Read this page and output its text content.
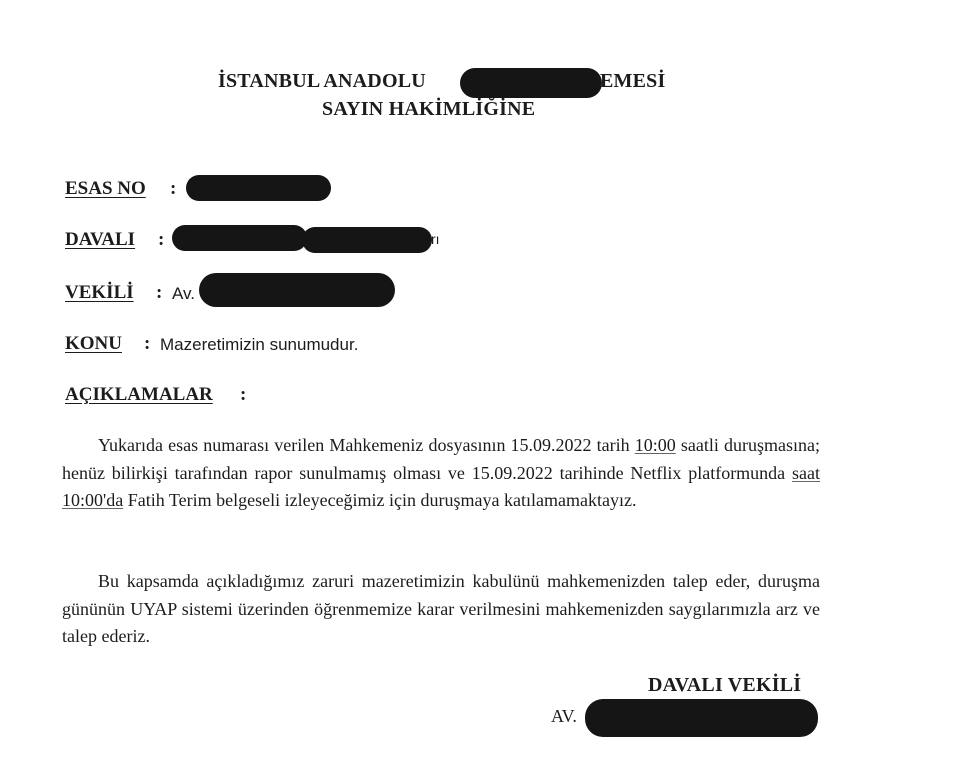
İSTANBUL ANADOLU	EMESİ
SAYIN HAKİMLİĞİNE
ESAS NO :
DAVALI :	rı
VEKİLİ : Av.
KONU : Mazeretimizin sunumudur.
AÇIKLAMALAR :

Yukarıda esas numarası verilen Mahkemeniz dosyasının 15.09.2022 tarih 10:00 saatli duruşmasına; henüz bilirkişi tarafından rapor sunulmamış olması ve 15.09.2022 tarihinde Netflix platformunda saat 10:00'da Fatih Terim belgeseli izleyeceğimiz için duruşmaya katılamamaktayız.

Bu kapsamda açıkladığımız zaruri mazeretimizin kabulünü mahkemenizden talep eder, duruşma gününün UYAP sistemi üzerinden öğrenmemize karar verilmesini mahkemenizden saygılarımızla arz ve talep ederiz.

DAVALI VEKİLİ
AV.
